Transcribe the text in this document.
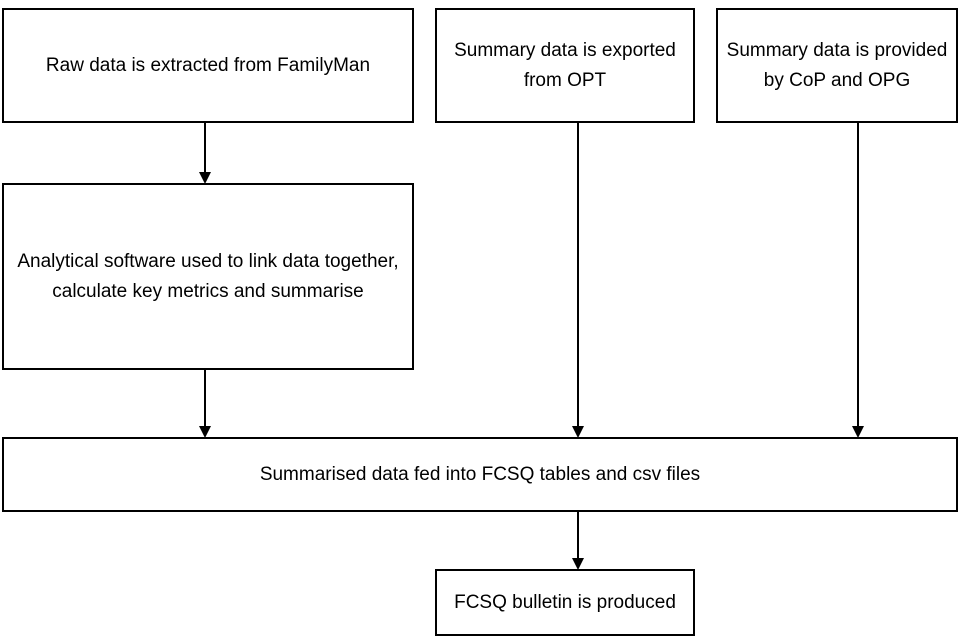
Raw data is extracted from FamilyMan
Summary data is exported from OPT
Summary data is provided by CoP and OPG
Analytical software used to link data together, calculate key metrics and summarise
Summarised data fed into FCSQ tables and csv files
FCSQ bulletin is produced
